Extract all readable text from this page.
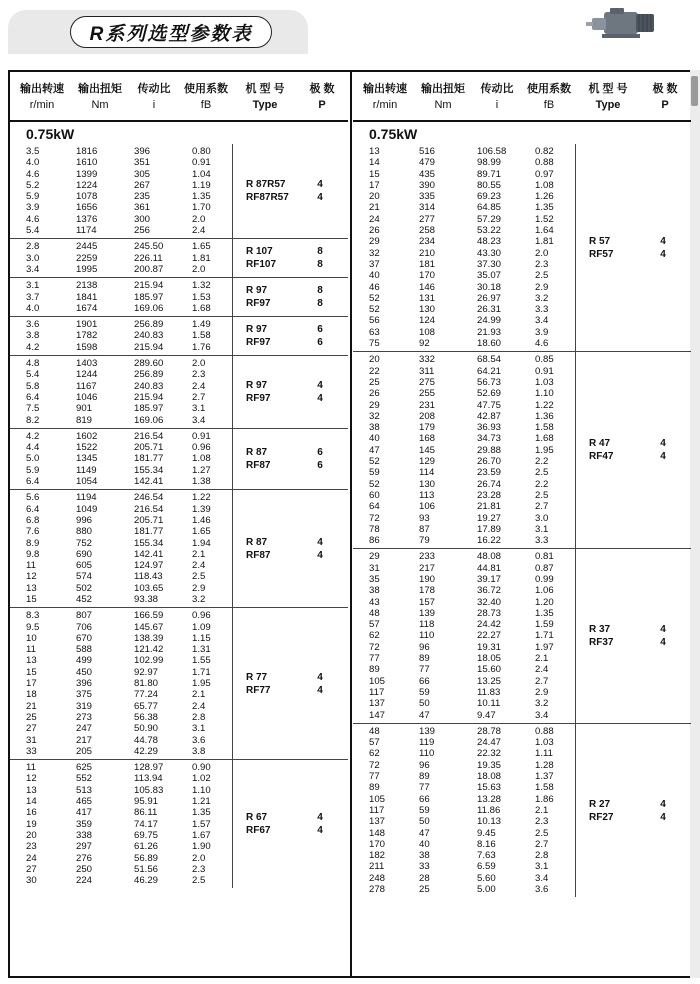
R系列选型参数表
输出转速
r/min
输出扭矩
Nm
传动比
i
使用系数
fB
机 型 号
Type
极 数
P
0.75kW
3.5	1816	396	0.80
4.0	1610	351	0.91
4.6	1399	305	1.04
5.2	1224	267	1.19
5.9	1078	235	1.35
3.9	1656	361	1.70
4.6	1376	300	2.0
5.4	1174	256	2.4
R 87R57	4
RF87R57	4
2.8	2445	245.50	1.65
3.0	2259	226.11	1.81
3.4	1995	200.87	2.0
R 107	8
RF107	8
3.1	2138	215.94	1.32
3.7	1841	185.97	1.53
4.0	1674	169.06	1.68
R 97	8
RF97	8
3.6	1901	256.89	1.49
3.8	1782	240.83	1.58
4.2	1598	215.94	1.76
R 97	6
RF97	6
4.8	1403	289.60	2.0
5.4	1244	256.89	2.3
5.8	1167	240.83	2.4
6.4	1046	215.94	2.7
7.5	901	185.97	3.1
8.2	819	169.06	3.4
R 97	4
RF97	4
4.2	1602	216.54	0.91
4.4	1522	205.71	0.96
5.0	1345	181.77	1.08
5.9	1149	155.34	1.27
6.4	1054	142.41	1.38
R 87	6
RF87	6
5.6	1194	246.54	1.22
6.4	1049	216.54	1.39
6.8	996	205.71	1.46
7.6	880	181.77	1.65
8.9	752	155.34	1.94
9.8	690	142.41	2.1
11	605	124.97	2.4
12	574	118.43	2.5
13	502	103.65	2.9
15	452	93.38	3.2
R 87	4
RF87	4
8.3	807	166.59	0.96
9.5	706	145.67	1.09
10	670	138.39	1.15
11	588	121.42	1.31
13	499	102.99	1.55
15	450	92.97	1.71
17	396	81.80	1.95
18	375	77.24	2.1
21	319	65.77	2.4
25	273	56.38	2.8
27	247	50.90	3.1
31	217	44.78	3.6
33	205	42.29	3.8
R 77	4
RF77	4
11	625	128.97	0.90
12	552	113.94	1.02
13	513	105.83	1.10
14	465	95.91	1.21
16	417	86.11	1.35
19	359	74.17	1.57
20	338	69.75	1.67
23	297	61.26	1.90
24	276	56.89	2.0
27	250	51.56	2.3
30	224	46.29	2.5
R 67	4
RF67	4
输出转速
r/min
输出扭矩
Nm
传动比
i
使用系数
fB
机 型 号
Type
极 数
P
0.75kW
13	516	106.58	0.82
14	479	98.99	0.88
15	435	89.71	0.97
17	390	80.55	1.08
20	335	69.23	1.26
21	314	64.85	1.35
24	277	57.29	1.52
26	258	53.22	1.64
29	234	48.23	1.81
32	210	43.30	2.0
37	181	37.30	2.3
40	170	35.07	2.5
46	146	30.18	2.9
52	131	26.97	3.2
52	130	26.31	3.3
56	124	24.99	3.4
63	108	21.93	3.9
75	92	18.60	4.6
R 57	4
RF57	4
20	332	68.54	0.85
22	311	64.21	0.91
25	275	56.73	1.03
26	255	52.69	1.10
29	231	47.75	1.22
32	208	42.87	1.36
38	179	36.93	1.58
40	168	34.73	1.68
47	145	29.88	1.95
52	129	26.70	2.2
59	114	23.59	2.5
52	130	26.74	2.2
60	113	23.28	2.5
64	106	21.81	2.7
72	93	19.27	3.0
78	87	17.89	3.1
86	79	16.22	3.3
R 47	4
RF47	4
29	233	48.08	0.81
31	217	44.81	0.87
35	190	39.17	0.99
38	178	36.72	1.06
43	157	32.40	1.20
48	139	28.73	1.35
57	118	24.42	1.59
62	110	22.27	1.71
72	96	19.31	1.97
77	89	18.05	2.1
89	77	15.60	2.4
105	66	13.25	2.7
117	59	11.83	2.9
137	50	10.11	3.2
147	47	9.47	3.4
R 37	4
RF37	4
48	139	28.78	0.88
57	119	24.47	1.03
62	110	22.32	1.11
72	96	19.35	1.28
77	89	18.08	1.37
89	77	15.63	1.58
105	66	13.28	1.86
117	59	11.86	2.1
137	50	10.13	2.3
148	47	9.45	2.5
170	40	8.16	2.7
182	38	7.63	2.8
211	33	6.59	3.1
248	28	5.60	3.4
278	25	5.00	3.6
R 27	4
RF27	4
